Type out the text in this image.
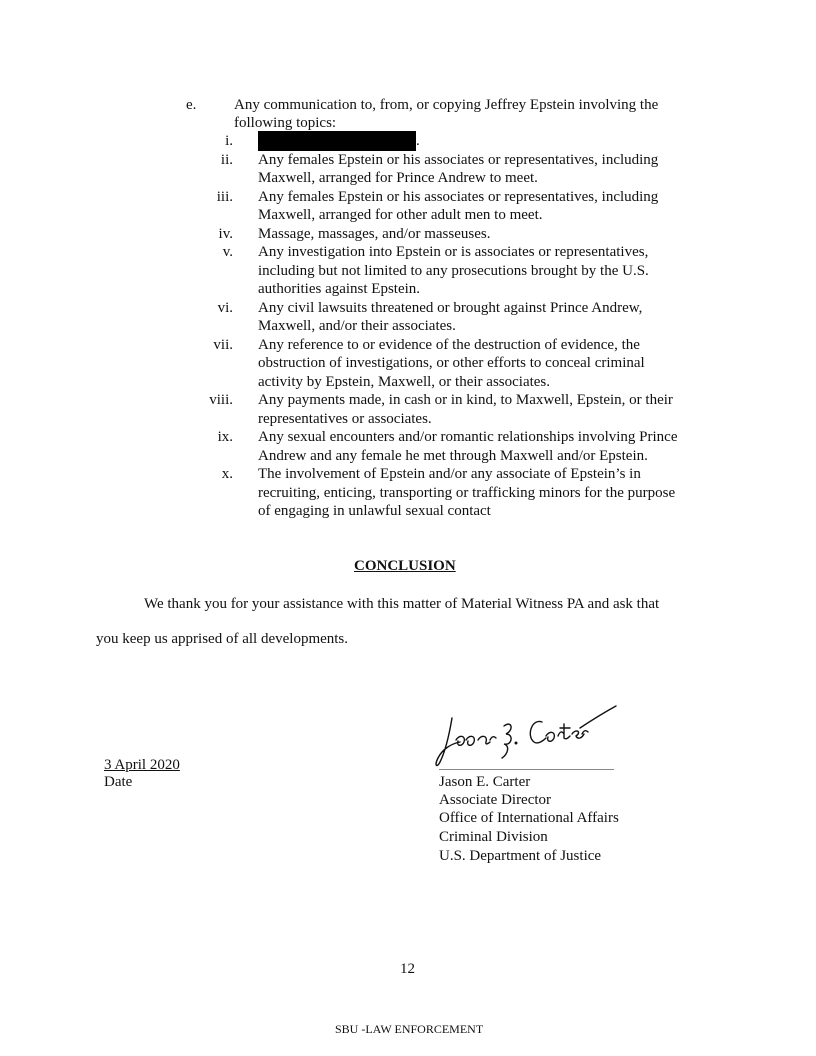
e.	Any communication to, from, or copying Jeffrey Epstein involving the
following topics:
i.	.
ii. Any females Epstein or his associates or representatives, including
Maxwell, arranged for Prince Andrew to meet.
iii. Any females Epstein or his associates or representatives, including
Maxwell, arranged for other adult men to meet.
iv. Massage, massages, and/or masseuses.
v. Any investigation into Epstein or is associates or representatives,
including but not limited to any prosecutions brought by the U.S.
authorities against Epstein.
vi. Any civil lawsuits threatened or brought against Prince Andrew,
Maxwell, and/or their associates.
vii. Any reference to or evidence of the destruction of evidence, the
obstruction of investigations, or other efforts to conceal criminal
activity by Epstein, Maxwell, or their associates.
viii. Any payments made, in cash or in kind, to Maxwell, Epstein, or their
representatives or associates.
ix. Any sexual encounters and/or romantic relationships involving Prince
Andrew and any female he met through Maxwell and/or Epstein.
x. The involvement of Epstein and/or any associate of Epstein’s in
recruiting, enticing, transporting or trafficking minors for the purpose
of engaging in unlawful sexual contact
CONCLUSION
We thank you for your assistance with this matter of Material Witness PA and ask that
you keep us apprised of all developments.
3 April 2020
Date	Jason E. Carter
Associate Director
Office of International Affairs
Criminal Division
U.S. Department of Justice
12
SBU -LAW ENFORCEMENT
